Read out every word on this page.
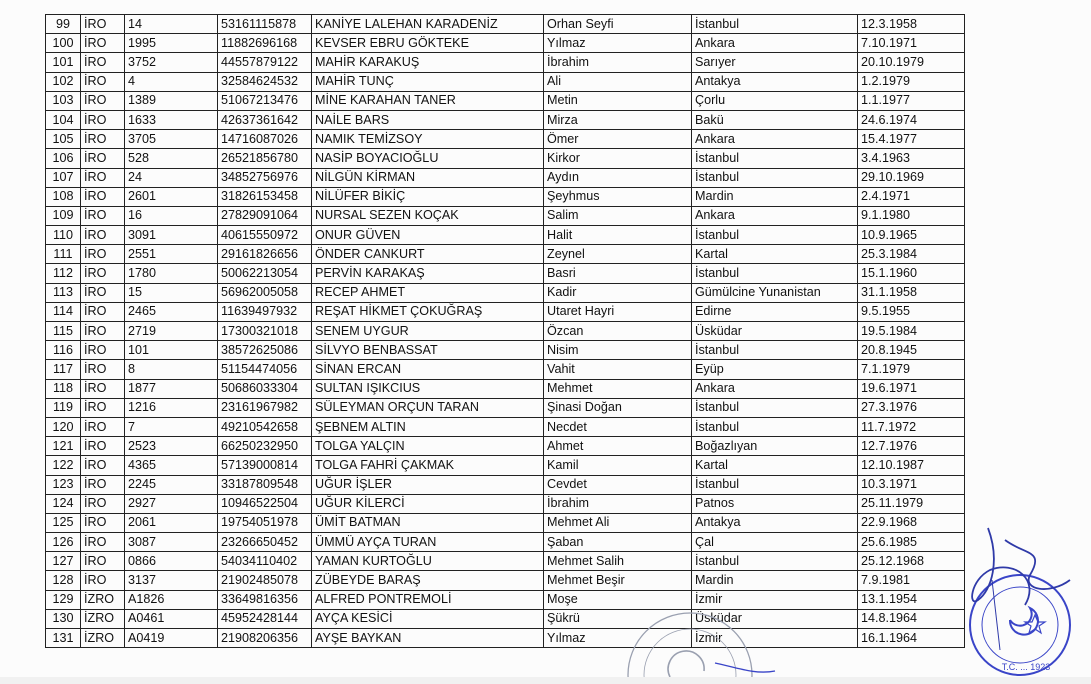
99	İRO	14	53161115878	KANİYE LALEHAN KARADENİZ	Orhan Seyfi	İstanbul	12.3.1958
100	İRO	1995	11882696168	KEVSER EBRU GÖKTEKE	Yılmaz	Ankara	7.10.1971
101	İRO	3752	44557879122	MAHİR KARAKUŞ	İbrahim	Sarıyer	20.10.1979
102	İRO	4	32584624532	MAHİR TUNÇ	Ali	Antakya	1.2.1979
103	İRO	1389	51067213476	MİNE KARAHAN TANER	Metin	Çorlu	1.1.1977
104	İRO	1633	42637361642	NAİLE BARS	Mirza	Bakü	24.6.1974
105	İRO	3705	14716087026	NAMIK TEMİZSOY	Ömer	Ankara	15.4.1977
106	İRO	528	26521856780	NASİP BOYACIOĞLU	Kirkor	İstanbul	3.4.1963
107	İRO	24	34852756976	NİLGÜN KİRMAN	Aydın	İstanbul	29.10.1969
108	İRO	2601	31826153458	NİLÜFER BİKİÇ	Şeyhmus	Mardin	2.4.1971
109	İRO	16	27829091064	NURSAL SEZEN KOÇAK	Salim	Ankara	9.1.1980
110	İRO	3091	40615550972	ONUR GÜVEN	Halit	İstanbul	10.9.1965
111	İRO	2551	29161826656	ÖNDER CANKURT	Zeynel	Kartal	25.3.1984
112	İRO	1780	50062213054	PERVİN KARAKAŞ	Basri	İstanbul	15.1.1960
113	İRO	15	56962005058	RECEP AHMET	Kadir	Gümülcine Yunanistan	31.1.1958
114	İRO	2465	11639497932	REŞAT HİKMET ÇOKUĞRAŞ	Utaret Hayri	Edirne	9.5.1955
115	İRO	2719	17300321018	SENEM UYGUR	Özcan	Üsküdar	19.5.1984
116	İRO	101	38572625086	SİLVYO BENBASSAT	Nisim	İstanbul	20.8.1945
117	İRO	8	51154474056	SİNAN ERCAN	Vahit	Eyüp	7.1.1979
118	İRO	1877	50686033304	SULTAN IŞIKCIUS	Mehmet	Ankara	19.6.1971
119	İRO	1216	23161967982	SÜLEYMAN ORÇUN TARAN	Şinasi Doğan	İstanbul	27.3.1976
120	İRO	7	49210542658	ŞEBNEM ALTIN	Necdet	İstanbul	11.7.1972
121	İRO	2523	66250232950	TOLGA YALÇIN	Ahmet	Boğazlıyan	12.7.1976
122	İRO	4365	57139000814	TOLGA FAHRİ ÇAKMAK	Kamil	Kartal	12.10.1987
123	İRO	2245	33187809548	UĞUR İŞLER	Cevdet	İstanbul	10.3.1971
124	İRO	2927	10946522504	UĞUR KİLERCİ	İbrahim	Patnos	25.11.1979
125	İRO	2061	19754051978	ÜMİT BATMAN	Mehmet Ali	Antakya	22.9.1968
126	İRO	3087	23266650452	ÜMMÜ AYÇA TURAN	Şaban	Çal	25.6.1985
127	İRO	0866	54034110402	YAMAN KURTOĞLU	Mehmet Salih	İstanbul	25.12.1968
128	İRO	3137	21902485078	ZÜBEYDE BARAŞ	Mehmet Beşir	Mardin	7.9.1981
129	İZRO	A1826	33649816356	ALFRED PONTREMOLİ	Moşe	İzmir	13.1.1954
130	İZRO	A0461	45952428144	AYÇA KESİCİ	Şükrü	Üsküdar	14.8.1964
131	İZRO	A0419	21908206356	AYŞE BAYKAN	Yılmaz	İzmir	16.1.1964
T.C. ... 1923
